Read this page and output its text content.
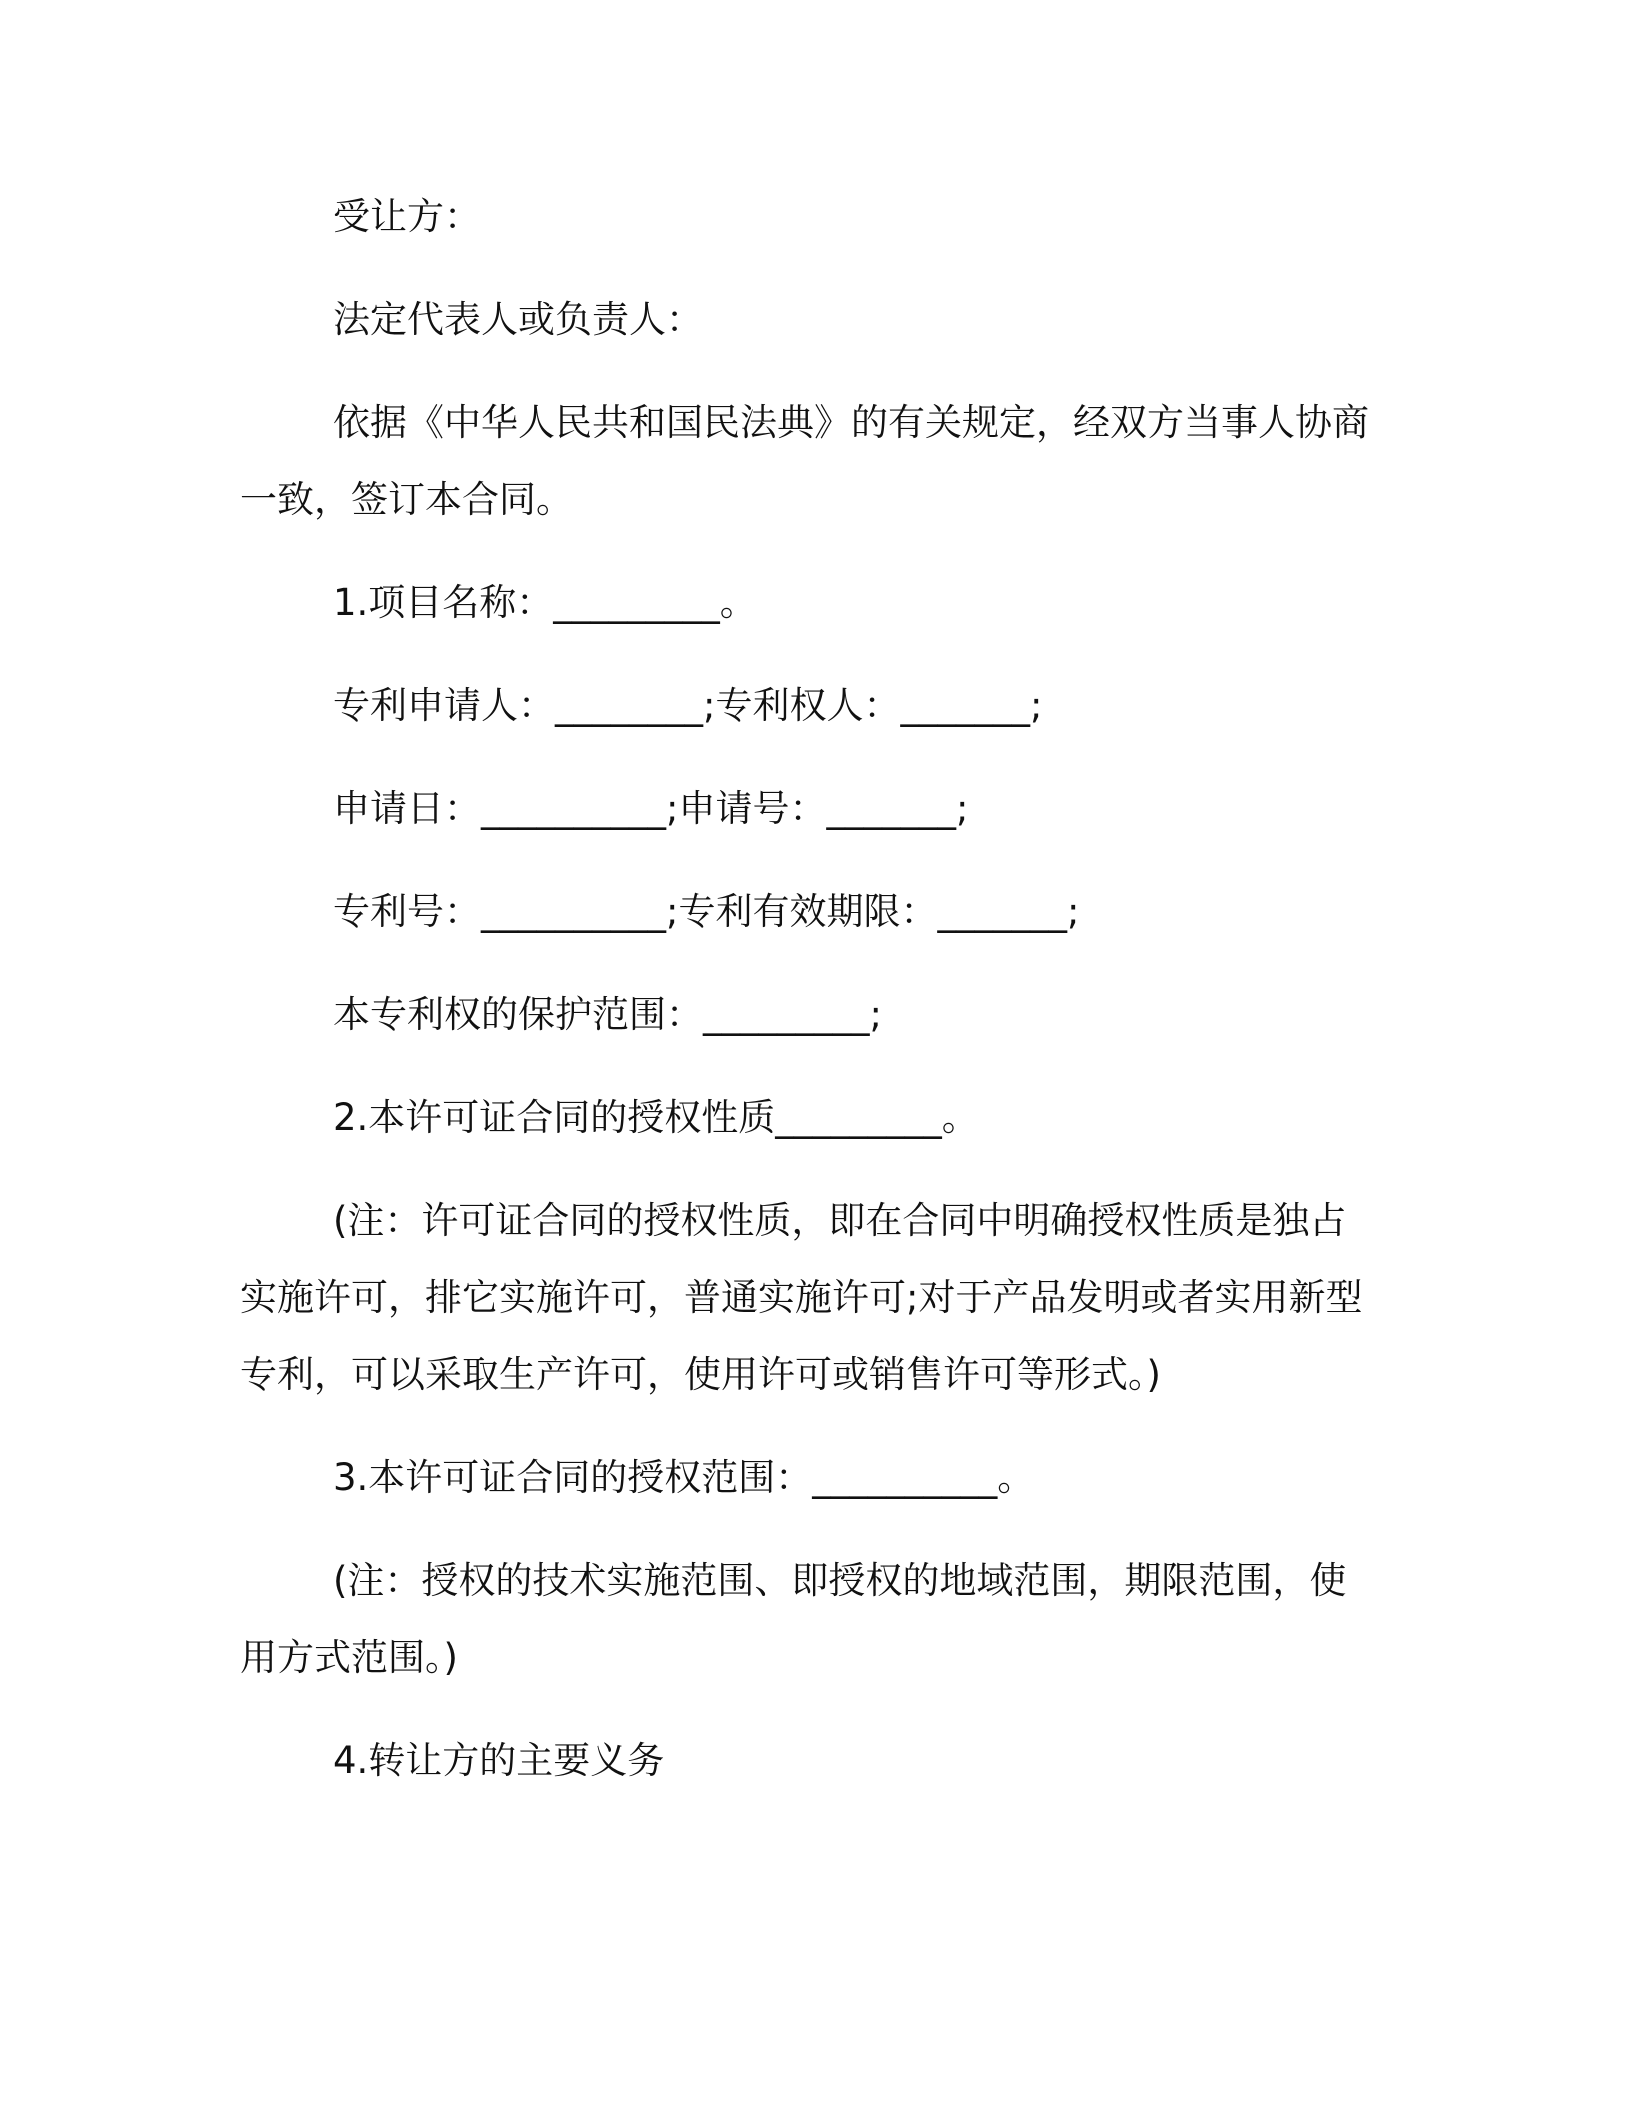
受让方：
法定代表人或负责人：
依据《中华人民共和国民法典》的有关规定，经双方当事人协商
一致，签订本合同。
1.项目名称：_________。
专利申请人：________;专利权人：_______;
申请日：__________;申请号：_______;
专利号：__________;专利有效期限：_______;
本专利权的保护范围：_________;
2.本许可证合同的授权性质_________。
(注：许可证合同的授权性质，即在合同中明确授权性质是独占
实施许可，排它实施许可，普通实施许可;对于产品发明或者实用新型
专利，可以采取生产许可，使用许可或销售许可等形式。)
3.本许可证合同的授权范围：__________。
(注：授权的技术实施范围、即授权的地域范围，期限范围，使
用方式范围。)
4.转让方的主要义务
